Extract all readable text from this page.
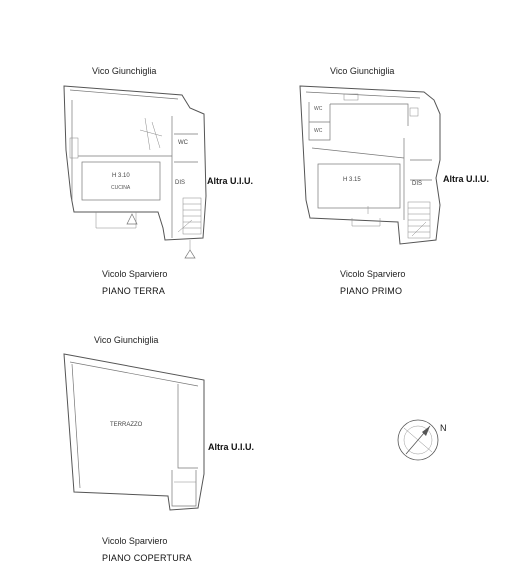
Vico Giunchiglia
WC
DIS
H 3.10
CUCINA
Altra U.I.U.
Vicolo Sparviero
PIANO TERRA
Vico Giunchiglia
WC
WC
DIS
H 3.15	Altra U.I.U.
Vicolo Sparviero
PIANO PRIMO
Vico Giunchiglia
TERRAZZO
Altra U.I.U.
Vicolo Sparviero
PIANO COPERTURA
N
